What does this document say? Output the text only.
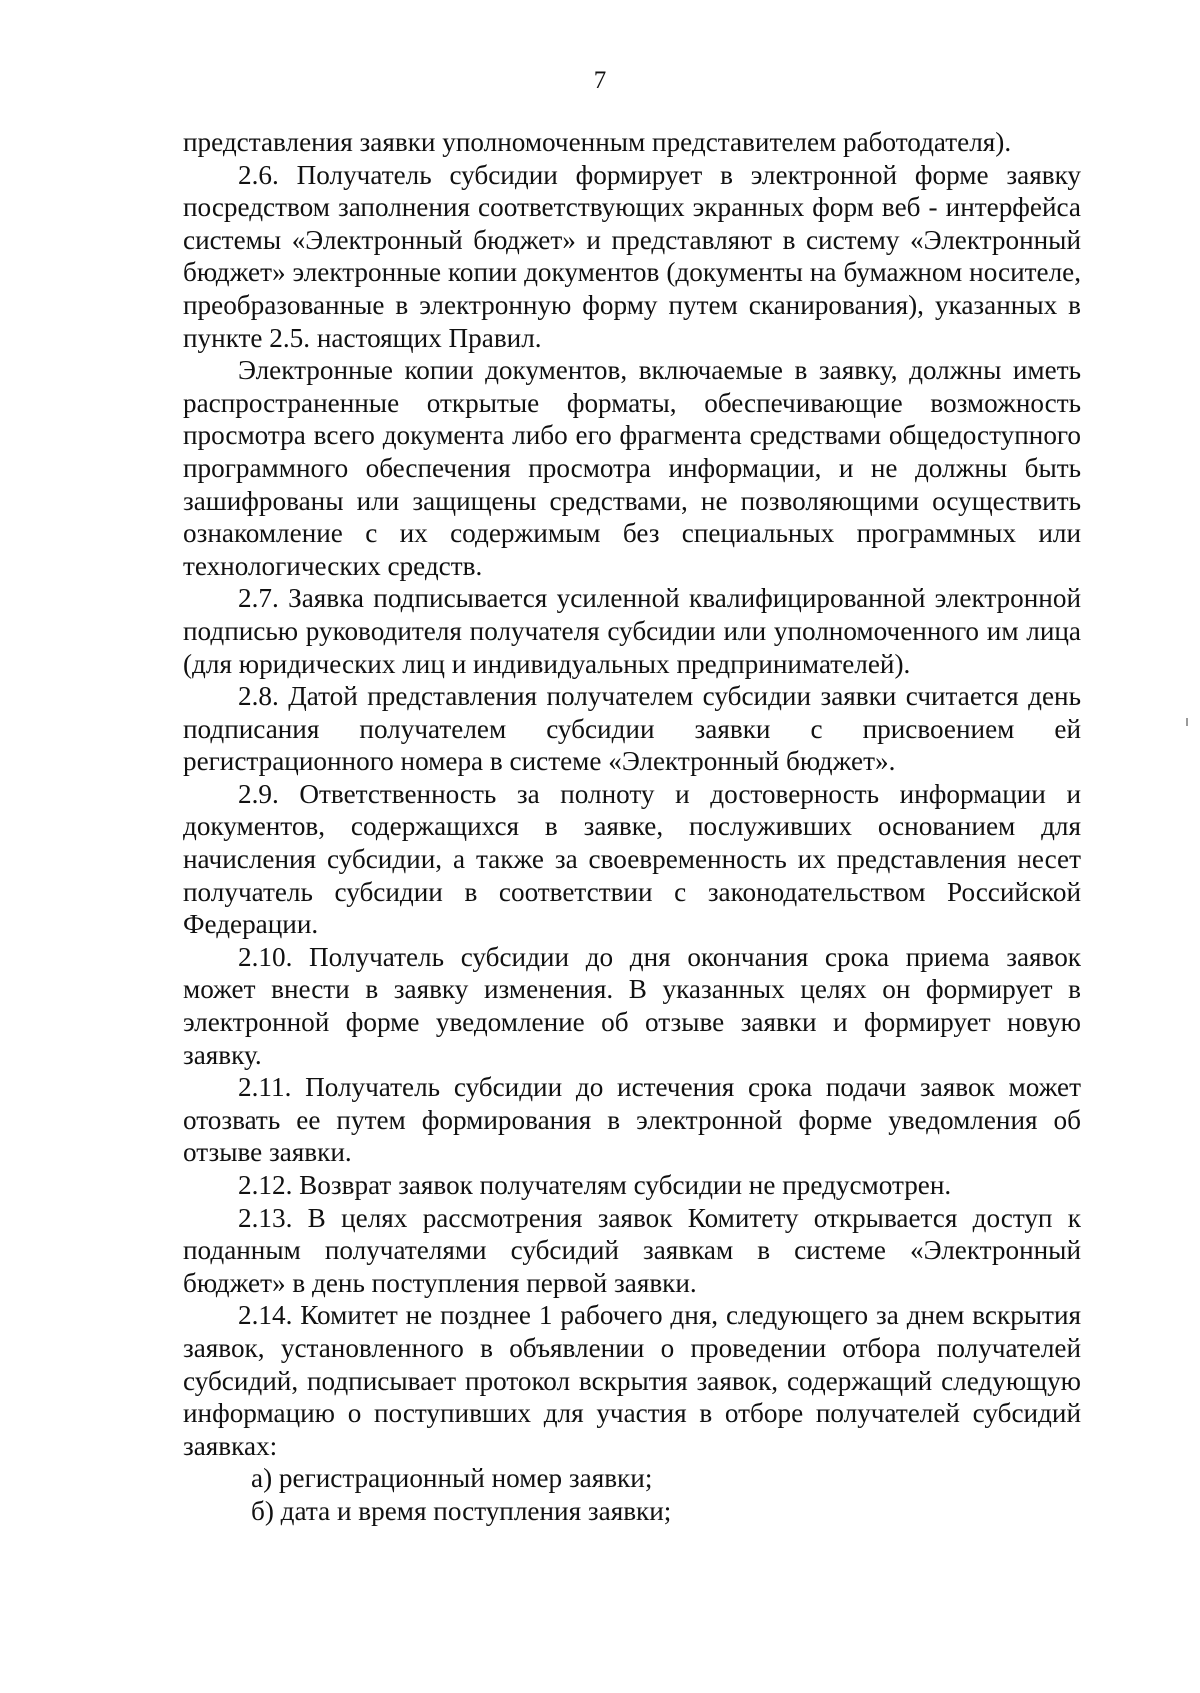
7

представления заявки уполномоченным представителем работодателя).

2.6. Получатель субсидии формирует в электронной форме заявку посредством заполнения соответствующих экранных форм веб - интерфейса системы «Электронный бюджет» и представляют в систему «Электронный бюджет» электронные копии документов (документы на бумажном носителе, преобразованные в электронную форму путем сканирования), указанных в пункте 2.5. настоящих Правил.

Электронные копии документов, включаемые в заявку, должны иметь распространенные открытые форматы, обеспечивающие возможность просмотра всего документа либо его фрагмента средствами общедоступного программного обеспечения просмотра информации, и не должны быть зашифрованы или защищены средствами, не позволяющими осуществить ознакомление с их содержимым без специальных программных или технологических средств.

2.7. Заявка подписывается усиленной квалифицированной электронной подписью руководителя получателя субсидии или уполномоченного им лица (для юридических лиц и индивидуальных предпринимателей).

2.8. Датой представления получателем субсидии заявки считается день подписания получателем субсидии заявки с присвоением ей регистрационного номера в системе «Электронный бюджет».

2.9. Ответственность за полноту и достоверность информации и документов, содержащихся в заявке, послуживших основанием для начисления субсидии, а также за своевременность их представления несет получатель субсидии в соответствии с законодательством Российской Федерации.

2.10. Получатель субсидии до дня окончания срока приема заявок может внести в заявку изменения. В указанных целях он формирует в электронной форме уведомление об отзыве заявки и формирует новую заявку.

2.11. Получатель субсидии до истечения срока подачи заявок может отозвать ее путем формирования в электронной форме уведомления об отзыве заявки.

2.12. Возврат заявок получателям субсидии не предусмотрен.

2.13. В целях рассмотрения заявок Комитету открывается доступ к поданным получателями субсидий заявкам в системе «Электронный бюджет» в день поступления первой заявки.

2.14. Комитет не позднее 1 рабочего дня, следующего за днем вскрытия заявок, установленного в объявлении о проведении отбора получателей субсидий, подписывает протокол вскрытия заявок, содержащий следующую информацию о поступивших для участия в отборе получателей субсидий заявках:

а) регистрационный номер заявки;

б) дата и время поступления заявки;
